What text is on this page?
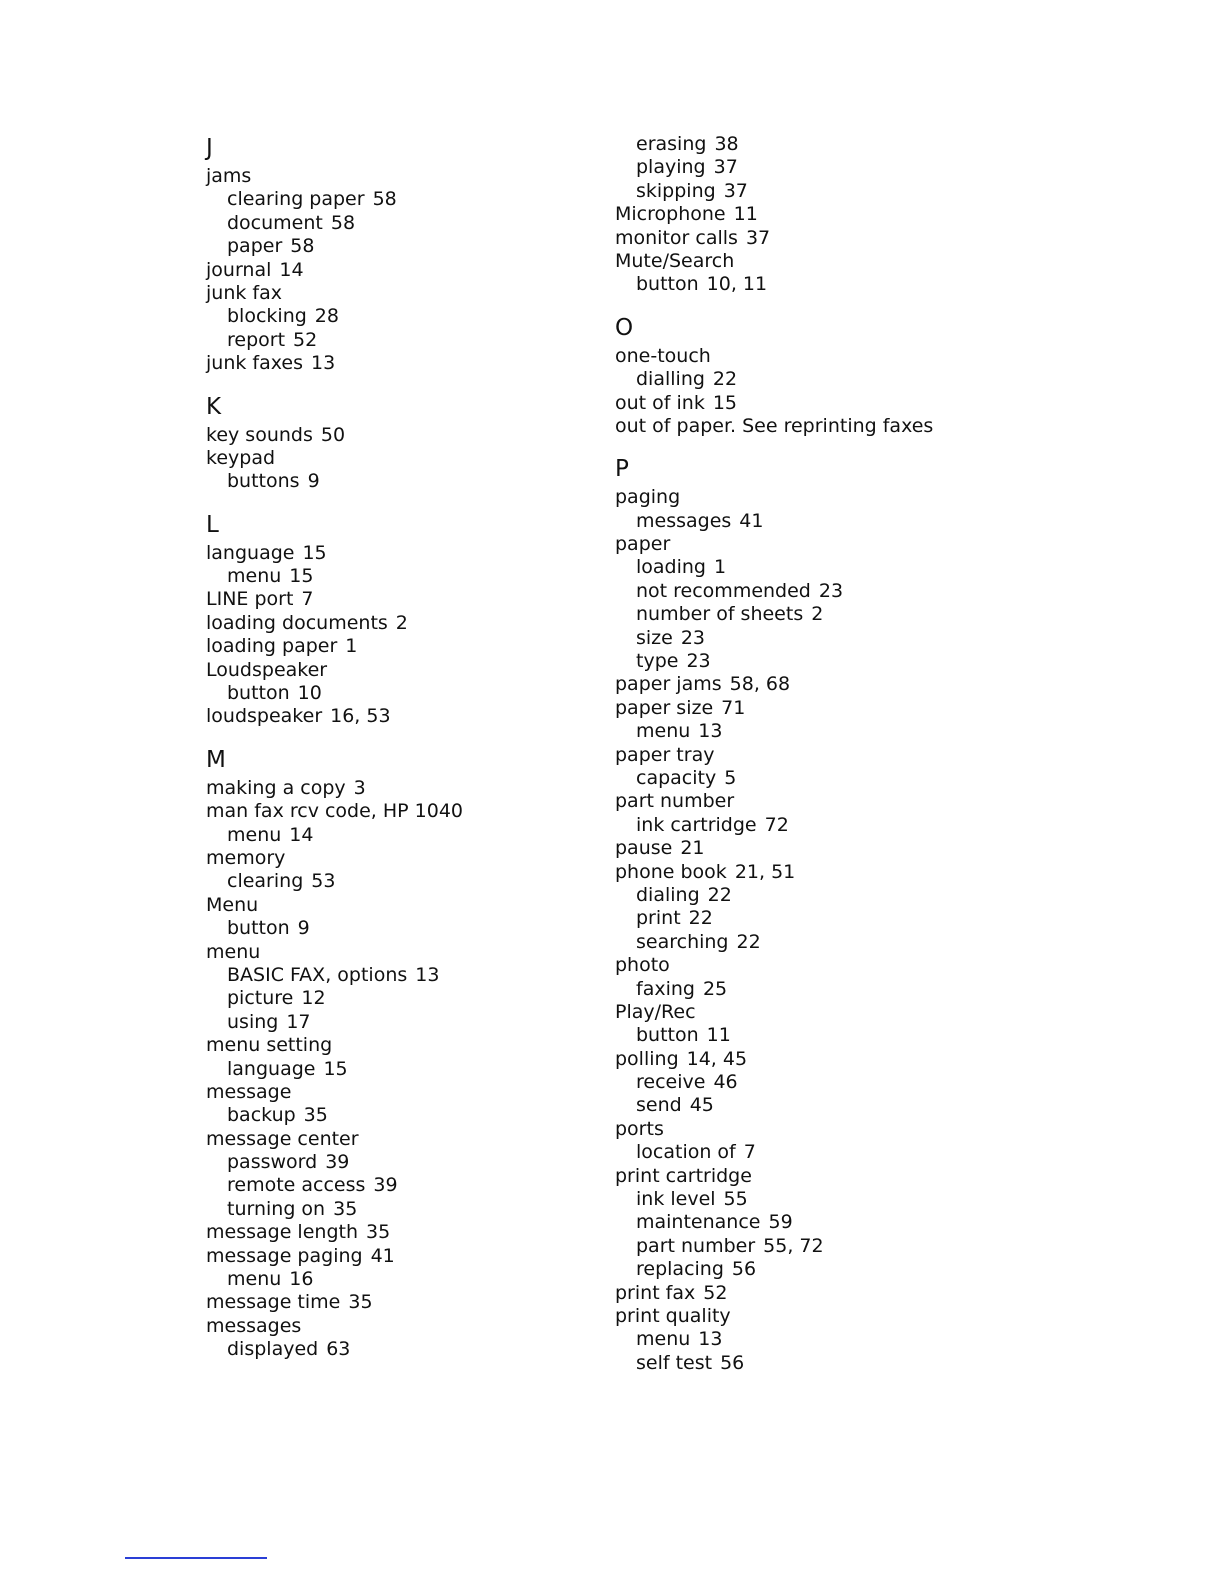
J
jams
clearing paper 58
document 58
paper 58
journal 14
junk fax
blocking 28
report 52
junk faxes 13
K
key sounds 50
keypad
buttons 9
L
language 15
menu 15
LINE port 7
loading documents 2
loading paper 1
Loudspeaker
button 10
loudspeaker 16, 53
M
making a copy 3
man fax rcv code, HP 1040
menu 14
memory
clearing 53
Menu
button 9
menu
BASIC FAX, options 13
picture 12
using 17
menu setting
language 15
message
backup 35
message center
password 39
remote access 39
turning on 35
message length 35
message paging 41
menu 16
message time 35
messages
displayed 63
erasing 38
playing 37
skipping 37
Microphone 11
monitor calls 37
Mute/Search
button 10, 11
O
one-touch
dialling 22
out of ink 15
out of paper. See reprinting faxes
P
paging
messages 41
paper
loading 1
not recommended 23
number of sheets 2
size 23
type 23
paper jams 58, 68
paper size 71
menu 13
paper tray
capacity 5
part number
ink cartridge 72
pause 21
phone book 21, 51
dialing 22
print 22
searching 22
photo
faxing 25
Play/Rec
button 11
polling 14, 45
receive 46
send 45
ports
location of 7
print cartridge
ink level 55
maintenance 59
part number 55, 72
replacing 56
print fax 52
print quality
menu 13
self test 56
